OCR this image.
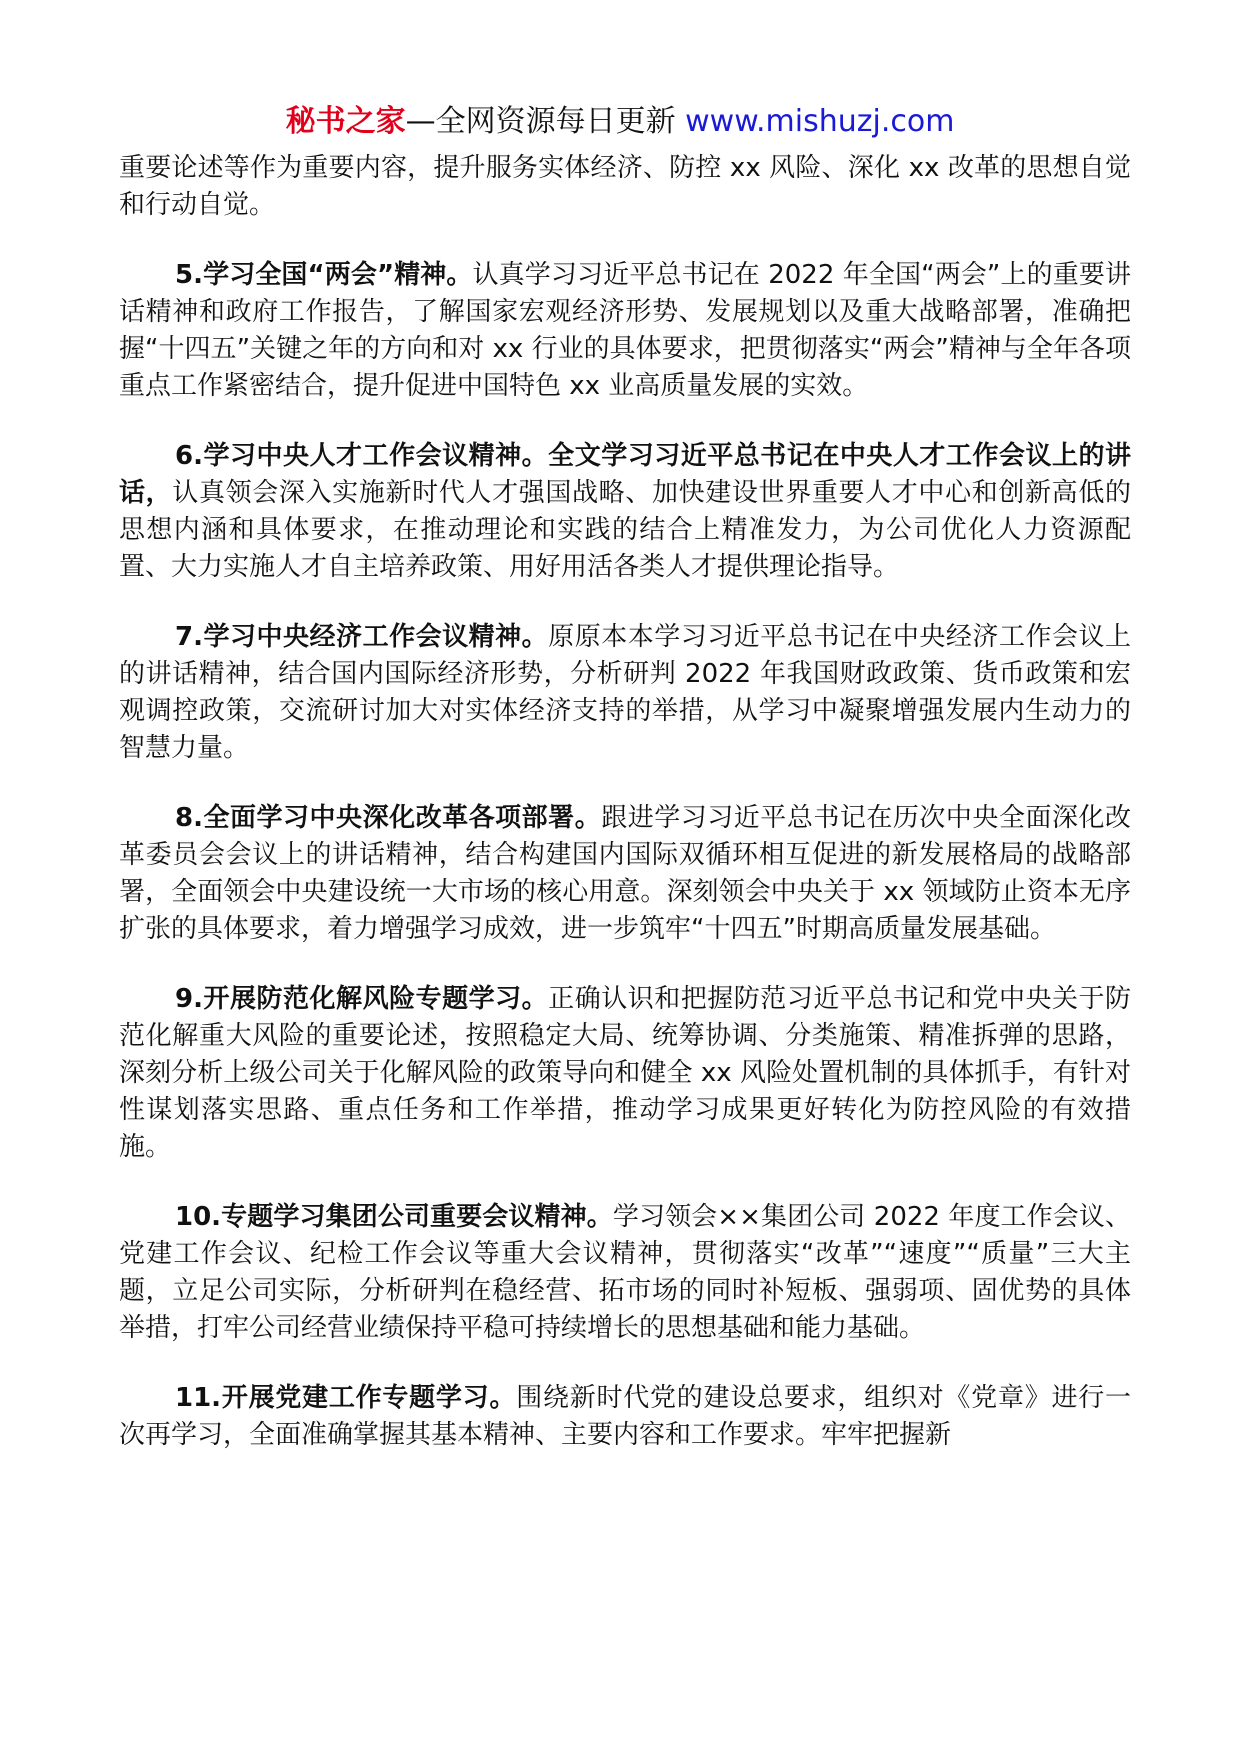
秘书之家—全网资源每日更新 www.mishuzj.com

重要论述等作为重要内容，提升服务实体经济、防控 xx 风险、深化 xx 改革的思想自觉和行动自觉。

5.学习全国“两会”精神。认真学习习近平总书记在 2022 年全国“两会”上的重要讲话精神和政府工作报告，了解国家宏观经济形势、发展规划以及重大战略部署，准确把握“十四五”关键之年的方向和对 xx 行业的具体要求，把贯彻落实“两会”精神与全年各项重点工作紧密结合，提升促进中国特色 xx 业高质量发展的实效。

6.学习中央人才工作会议精神。全文学习习近平总书记在中央人才工作会议上的讲话，认真领会深入实施新时代人才强国战略、加快建设世界重要人才中心和创新高低的思想内涵和具体要求，在推动理论和实践的结合上精准发力，为公司优化人力资源配置、大力实施人才自主培养政策、用好用活各类人才提供理论指导。

7.学习中央经济工作会议精神。原原本本学习习近平总书记在中央经济工作会议上的讲话精神，结合国内国际经济形势，分析研判 2022 年我国财政政策、货币政策和宏观调控政策，交流研讨加大对实体经济支持的举措，从学习中凝聚增强发展内生动力的智慧力量。

8.全面学习中央深化改革各项部署。跟进学习习近平总书记在历次中央全面深化改革委员会会议上的讲话精神，结合构建国内国际双循环相互促进的新发展格局的战略部署，全面领会中央建设统一大市场的核心用意。深刻领会中央关于 xx 领域防止资本无序扩张的具体要求，着力增强学习成效，进一步筑牢“十四五”时期高质量发展基础。

9.开展防范化解风险专题学习。正确认识和把握防范习近平总书记和党中央关于防范化解重大风险的重要论述，按照稳定大局、统筹协调、分类施策、精准拆弹的思路，深刻分析上级公司关于化解风险的政策导向和健全 xx 风险处置机制的具体抓手，有针对性谋划落实思路、重点任务和工作举措，推动学习成果更好转化为防控风险的有效措施。

10.专题学习集团公司重要会议精神。学习领会××集团公司 2022 年度工作会议、党建工作会议、纪检工作会议等重大会议精神，贯彻落实“改革”“速度”“质量”三大主题，立足公司实际，分析研判在稳经营、拓市场的同时补短板、强弱项、固优势的具体举措，打牢公司经营业绩保持平稳可持续增长的思想基础和能力基础。

11.开展党建工作专题学习。围绕新时代党的建设总要求，组织对《党章》进行一次再学习，全面准确掌握其基本精神、主要内容和工作要求。牢牢把握新
